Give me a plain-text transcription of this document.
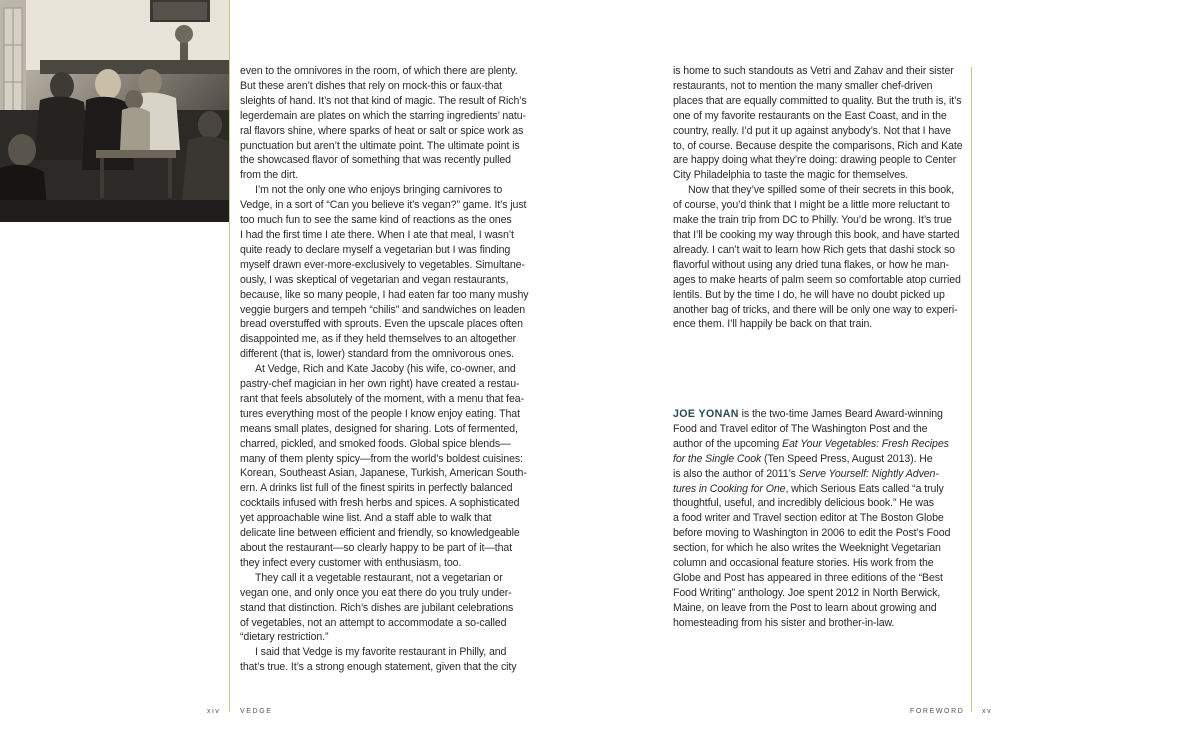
even to the omnivores in the room, of which there are plenty.
But these aren’t dishes that rely on mock-this or faux-that
sleights of hand. It’s not that kind of magic. The result of Rich’s
legerdemain are plates on which the starring ingredients’ natu-
ral flavors shine, where sparks of heat or salt or spice work as
punctuation but aren’t the ultimate point. The ultimate point is
the showcased flavor of something that was recently pulled
from the dirt.
I’m not the only one who enjoys bringing carnivores to
Vedge, in a sort of “Can you believe it’s vegan?” game. It’s just
too much fun to see the same kind of reactions as the ones
I had the first time I ate there. When I ate that meal, I wasn’t
quite ready to declare myself a vegetarian but I was finding
myself drawn ever-more-exclusively to vegetables. Simultane-
ously, I was skeptical of vegetarian and vegan restaurants,
because, like so many people, I had eaten far too many mushy
veggie burgers and tempeh “chilis” and sandwiches on leaden
bread overstuffed with sprouts. Even the upscale places often
disappointed me, as if they held themselves to an altogether
different (that is, lower) standard from the omnivorous ones.
At Vedge, Rich and Kate Jacoby (his wife, co-owner, and
pastry-chef magician in her own right) have created a restau-
rant that feels absolutely of the moment, with a menu that fea-
tures everything most of the people I know enjoy eating. That
means small plates, designed for sharing. Lots of fermented,
charred, pickled, and smoked foods. Global spice blends—
many of them plenty spicy—from the world’s boldest cuisines:
Korean, Southeast Asian, Japanese, Turkish, American South-
ern. A drinks list full of the finest spirits in perfectly balanced
cocktails infused with fresh herbs and spices. A sophisticated
yet approachable wine list. And a staff able to walk that
delicate line between efficient and friendly, so knowledgeable
about the restaurant—so clearly happy to be part of it—that
they infect every customer with enthusiasm, too.
They call it a vegetable restaurant, not a vegetarian or
vegan one, and only once you eat there do you truly under-
stand that distinction. Rich’s dishes are jubilant celebrations
of vegetables, not an attempt to accommodate a so-called
“dietary restriction.”
I said that Vedge is my favorite restaurant in Philly, and
that’s true. It’s a strong enough statement, given that the city
is home to such standouts as Vetri and Zahav and their sister
restaurants, not to mention the many smaller chef-driven
places that are equally committed to quality. But the truth is, it’s
one of my favorite restaurants on the East Coast, and in the
country, really. I’d put it up against anybody’s. Not that I have
to, of course. Because despite the comparisons, Rich and Kate
are happy doing what they’re doing: drawing people to Center
City Philadelphia to taste the magic for themselves.
Now that they’ve spilled some of their secrets in this book,
of course, you’d think that I might be a little more reluctant to
make the train trip from DC to Philly. You’d be wrong. It’s true
that I’ll be cooking my way through this book, and have started
already. I can’t wait to learn how Rich gets that dashi stock so
flavorful without using any dried tuna flakes, or how he man-
ages to make hearts of palm seem so comfortable atop curried
lentils. But by the time I do, he will have no doubt picked up
another bag of tricks, and there will be only one way to experi-
ence them. I’ll happily be back on that train.
JOE YONAN is the two-time James Beard Award-winning
Food and Travel editor of The Washington Post and the
author of the upcoming Eat Your Vegetables: Fresh Recipes
for the Single Cook (Ten Speed Press, August 2013). He
is also the author of 2011’s Serve Yourself: Nightly Adven-
tures in Cooking for One, which Serious Eats called “a truly
thoughtful, useful, and incredibly delicious book.” He was
a food writer and Travel section editor at The Boston Globe
before moving to Washington in 2006 to edit the Post’s Food
section, for which he also writes the Weeknight Vegetarian
column and occasional feature stories. His work from the
Globe and Post has appeared in three editions of the “Best
Food Writing” anthology. Joe spent 2012 in North Berwick,
Maine, on leave from the Post to learn about growing and
homesteading from his sister and brother-in-law.
xiv	VEDGE	FOREWORD	xv
